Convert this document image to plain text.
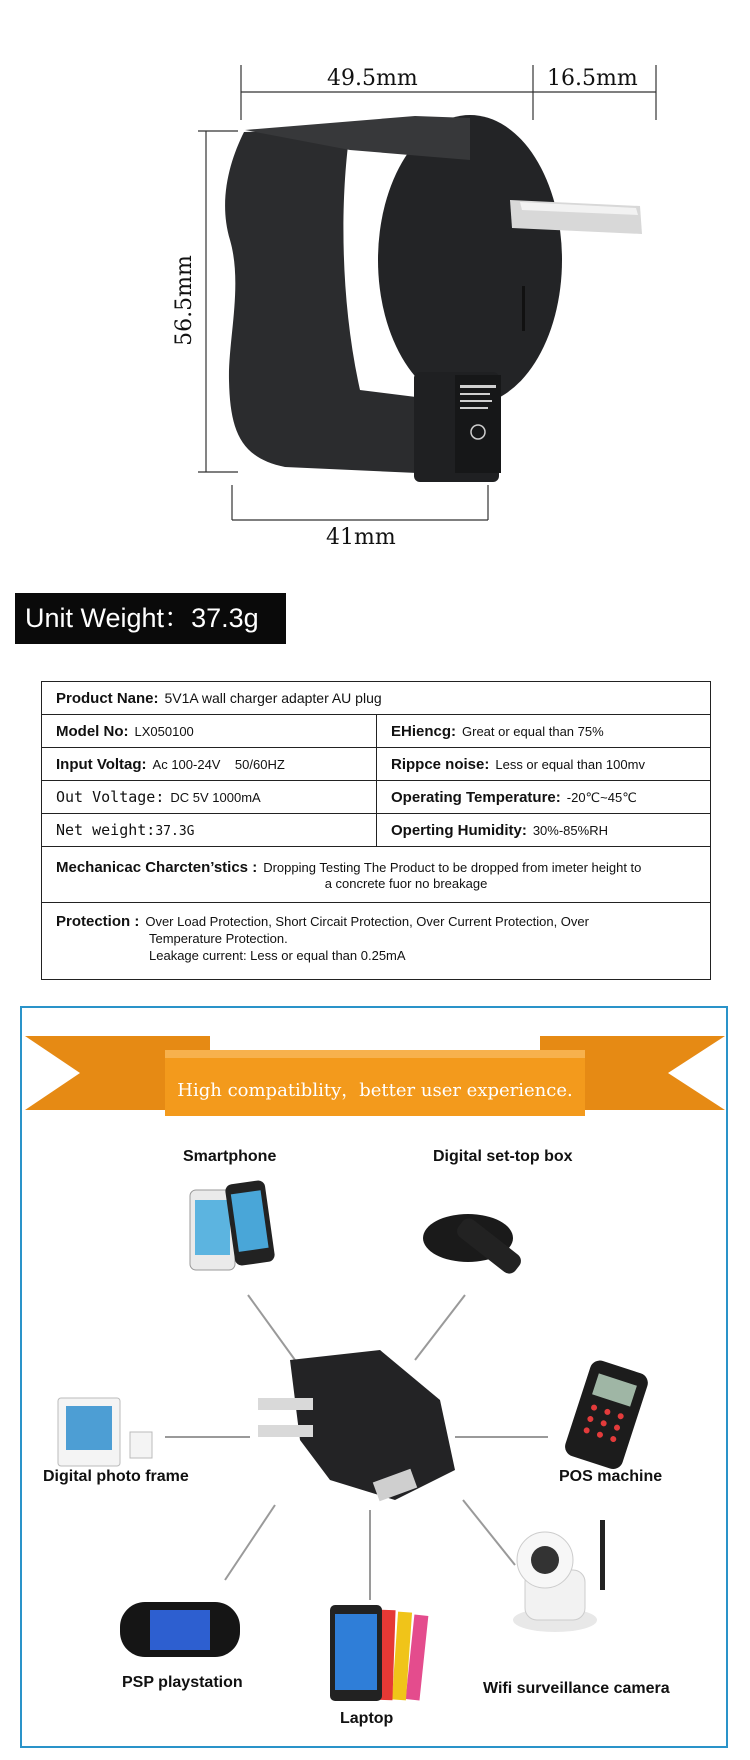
49.5mm	16.5mm
56.5mm
41mm
Unit Weight：37.3g
Product Nane: 5V1A wall charger adapter AU plug	
Model No: LX050100	EHiencg: Great or equal than 75%
Input Voltag: Ac 100-24V    50/60HZ	Rippce noise: Less or equal than 100mv
Out Voltage: DC 5V 1000mA	Operating Temperature: -20℃~45℃
Net weight:37.3G	Operting Humidity: 30%-85%RH

Mechanicac Charcten’stics : Dropping Testing The Product to be dropped from imeter height to
a concrete fuor no breakage	

Protection : Over Load Protection, Short Circait Protection, Over Current Protection, Over
Temperature Protection.
Leakage current: Less or equal than 0.25mA	
High compatiblity，better user experience.
Smartphone	Digital set-top box
Digital photo frame	POS machine
PSP playstation
Laptop
Wifi surveillance camera
